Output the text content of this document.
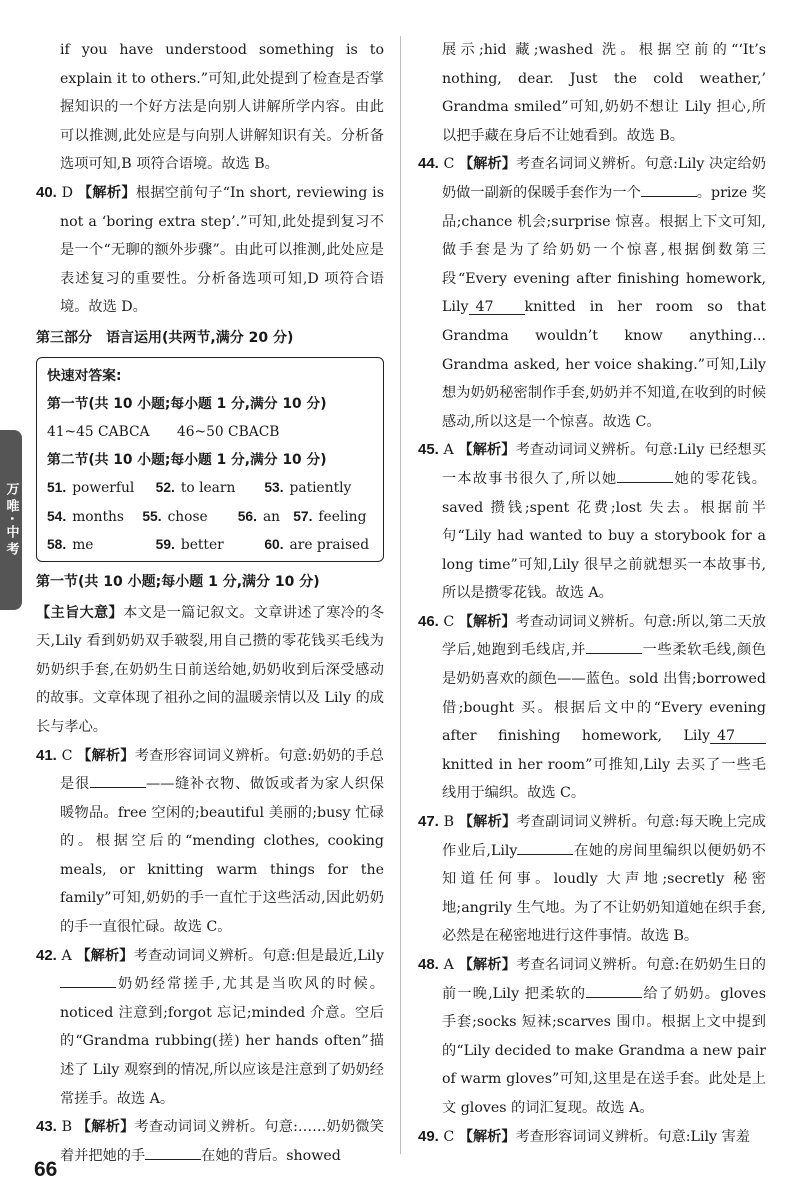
万唯·中考

if you have understood something is to explain it to others.”可知,此处提到了检查是否掌握知识的一个好方法是向别人讲解所学内容。由此可以推测,此处应是与向别人讲解知识有关。分析备选项可知,B 项符合语境。故选 B。

40. D 【解析】根据空前句子“In short, reviewing is not a ‘boring extra step’.”可知,此处提到复习不是一个“无聊的额外步骤”。由此可以推测,此处应是表述复习的重要性。分析备选项可知,D 项符合语境。故选 D。

第三部分　语言运用(共两节,满分 20 分)
快速对答案:
第一节(共 10 小题;每小题 1 分,满分 10 分)
41~45 CABCA	46~50 CBACB
第二节(共 10 小题;每小题 1 分,满分 10 分)
51. powerful	52. to learn	53. patiently
54. months	55. chose	56. an 57. feeling
58. me	59. better	60. are praised
第一节(共 10 小题;每小题 1 分,满分 10 分)

【主旨大意】本文是一篇记叙文。文章讲述了寒冷的冬天,Lily 看到奶奶双手皲裂,用自己攒的零花钱买毛线为奶奶织手套,在奶奶生日前送给她,奶奶收到后深受感动的故事。文章体现了祖孙之间的温暖亲情以及 Lily 的成长与孝心。

41. C 【解析】考查形容词词义辨析。句意:奶奶的手总是很	——缝补衣物、做饭或者为家人织保暖物品。free 空闲的;beautiful 美丽的;busy 忙碌的。根据空后的“mending clothes, cooking meals, or knitting warm things for the family”可知,奶奶的手一直忙于这些活动,因此奶奶的手一直很忙碌。故选 C。

42. A 【解析】考查动词词义辨析。句意:但是最近,Lily奶奶经常搓手,尤其是当吹风的时候。noticed 注意到;forgot 忘记;minded 介意。空后的“Grandma rubbing(搓) her hands often”描述了 Lily 观察到的情况,所以应该是注意到了奶奶经常搓手。故选 A。

43. B 【解析】考查动词词义辨析。句意:……奶奶微笑着并把她的手	在她的背后。showed

展示;hid 藏;washed 洗。根据空前的“‘It’s nothing, dear. Just the cold weather,’ Grandma smiled”可知,奶奶不想让 Lily 担心,所以把手藏在身后不让她看到。故选 B。

44. C 【解析】考查名词词义辨析。句意:Lily 决定给奶奶做一副新的保暖手套作为一个	。prize 奖品;chance 机会;surprise 惊喜。根据上下文可知,做手套是为了给奶奶一个惊喜,根据倒数第三段“Every evening after finishing homework, Lily 47 knitted in her room so that Grandma wouldn’t know anything... Grandma asked, her voice shaking.”可知,Lily 想为奶奶秘密制作手套,奶奶并不知道,在收到的时候感动,所以这是一个惊喜。故选 C。

45. A 【解析】考查动词词义辨析。句意:Lily 已经想买一本故事书很久了,所以她	她的零花钱。saved 攒钱;spent 花费;lost 失去。根据前半句“Lily had wanted to buy a storybook for a long time”可知,Lily 很早之前就想买一本故事书,所以是攒零花钱。故选 A。

46. C 【解析】考查动词词义辨析。句意:所以,第二天放学后,她跑到毛线店,并	一些柔软毛线,颜色是奶奶喜欢的颜色——蓝色。sold 出售;borrowed 借;bought 买。根据后文中的“Every evening after finishing homework, Lily 47knitted in her room”可推知,Lily 去买了一些毛线用于编织。故选 C。

47. B 【解析】考查副词词义辨析。句意:每天晚上完成作业后,Lily	在她的房间里编织以便奶奶不知道任何事。loudly 大声地;secretly 秘密地;angrily 生气地。为了不让奶奶知道她在织手套,必然是在秘密地进行这件事情。故选 B。

48. A 【解析】考查名词词义辨析。句意:在奶奶生日的前一晚,Lily 把柔软的	给了奶奶。gloves 手套;socks 短袜;scarves 围巾。根据上文中提到的“Lily decided to make Grandma a new pair of warm gloves”可知,这里是在送手套。此处是上文 gloves 的词汇复现。故选 A。

49. C 【解析】考查形容词词义辨析。句意:Lily 害羞

66
